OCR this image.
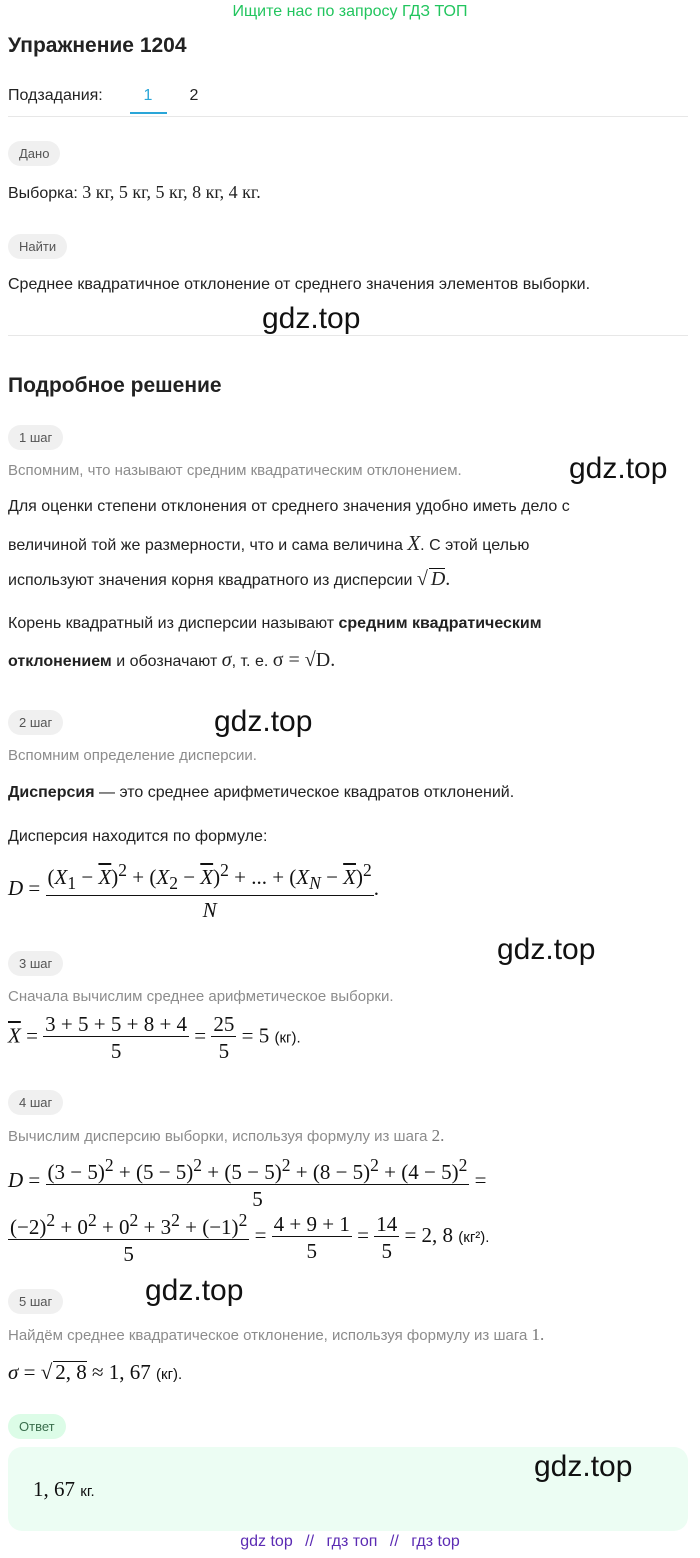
Ищите нас по запросу ГДЗ ТОП
Упражнение 1204
Подзадания:	1	2
Дано
Выборка: 3 кг, 5 кг, 5 кг, 8 кг, 4 кг.
Найти
Среднее квадратичное отклонение от среднего значения элементов выборки.
gdz.top
Подробное решение
1 шаг
Вспомним, что называют средним квадратическим отклонением.	gdz.top
Для оценки степени отклонения от среднего значения удобно иметь дело с
величиной той же размерности, что и сама величина X. С этой целью
используют значения корня квадратного из дисперсии √ D.
Корень квадратный из дисперсии называют средним квадратическим
отклонением и обозначают σ, т. е. σ = √D.
2 шаг	gdz.top
Вспомним определение дисперсии.
Дисперсия — это среднее арифметическое квадратов отклонений.
Дисперсия находится по формуле:
$D = \frac{(X_1 - \overline{X})^2 + (X_2 - \overline{X})^2 + ... + (X_N - \overline{X})^2}{N}$ .
gdz.top
3 шаг
Сначала вычислим среднее арифметическое выборки.
$\overline{X} = \frac{3 + 5 + 5 + 8 + 4}{5} = \frac{25}{5} = 5$ (кг).
4 шаг
Вычислим дисперсию выборки, используя формулу из шага 2.
$D = \frac{(3 - 5)^2 + (5 - 5)^2 + (5 - 5)^2 + (8 - 5)^2 + (4 - 5)^2}{5}$ =
$\frac{(-2)^2 + 0^2 + 0^2 + 3^2 + (-1)^2}{5} = \frac{4 + 9 + 1}{5} = \frac{14}{5} = 2$, 8 (кг²).
gdz.top
5 шаг
Найдём среднее квадратическое отклонение, используя формулу из шага 1.
σ = √ 2, 8 ≈ 1, 67 (кг).
Ответ
1, 67 кг.
gdz.top
gdz top // гдз топ // гдз top
